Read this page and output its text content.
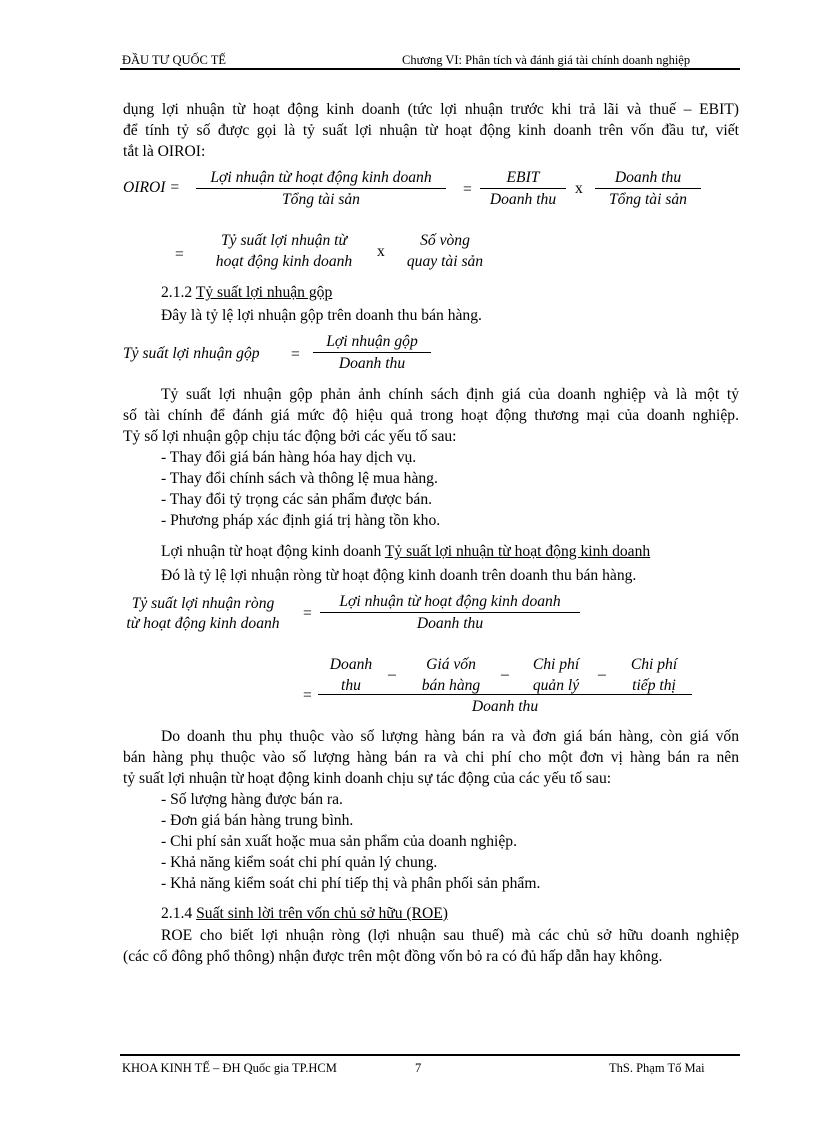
ĐẦU TƯ QUỐC TẾ	Chương VI: Phân tích và đánh giá tài chính doanh nghiệp
dụng lợi nhuận từ hoạt động kinh doanh (tức lợi nhuận trước khi trả lãi và thuế – EBIT)
để tính tỷ số được gọi là tỷ suất lợi nhuận từ hoạt động kinh doanh trên vốn đầu tư, viết
tắt là OIROI:
OIROI =
Lợi nhuận từ hoạt động kinh doanh
Tổng tài sản
=
EBIT
Doanh thu
x
Doanh thu
Tổng tài sản
=
Tỷ suất lợi nhuận từ
hoạt động kinh doanh
x
Số vòng
quay tài sản
2.1.2 Tỷ suất lợi nhuận gộp
Đây là tỷ lệ lợi nhuận gộp trên doanh thu bán hàng.
Tỷ suất lợi nhuận gộp =
Lợi nhuận gộp
Doanh thu
Tỷ suất lợi nhuận gộp phản ảnh chính sách định giá của doanh nghiệp và là một tỷ
số tài chính để đánh giá mức độ hiệu quả trong hoạt động thương mại của doanh nghiệp.
Tỷ số lợi nhuận gộp chịu tác động bởi các yếu tố sau:
- Thay đổi giá bán hàng hóa hay dịch vụ.
- Thay đổi chính sách và thông lệ mua hàng.
- Thay đổi tỷ trọng các sản phẩm được bán.
- Phương pháp xác định giá trị hàng tồn kho.
Lợi nhuận từ hoạt động kinh doanh Tỷ suất lợi nhuận từ hoạt động kinh doanh
Đó là tỷ lệ lợi nhuận ròng từ hoạt động kinh doanh trên doanh thu bán hàng.
Tỷ suất lợi nhuận ròng
từ hoạt động kinh doanh
=
Lợi nhuận từ hoạt động kinh doanh
Doanh thu
Doanh
thu
–
Giá vốn
bán hàng
–
Chi phí
quản lý
–
Chi phí
tiếp thị
=
Doanh thu
Do doanh thu phụ thuộc vào số lượng hàng bán ra và đơn giá bán hàng, còn giá vốn
bán hàng phụ thuộc vào số lượng hàng bán ra và chi phí cho một đơn vị hàng bán ra nên
tỷ suất lợi nhuận từ hoạt động kinh doanh chịu sự tác động của các yếu tố sau:
- Số lượng hàng được bán ra.
- Đơn giá bán hàng trung bình.
- Chi phí sản xuất hoặc mua sản phẩm của doanh nghiệp.
- Khả năng kiểm soát chi phí quản lý chung.
- Khả năng kiểm soát chi phí tiếp thị và phân phối sản phẩm.
2.1.4 Suất sinh lời trên vốn chủ sở hữu (ROE)
ROE cho biết lợi nhuận ròng (lợi nhuận sau thuế) mà các chủ sở hữu doanh nghiệp
(các cổ đông phổ thông) nhận được trên một đồng vốn bỏ ra có đủ hấp dẫn hay không.
KHOA KINH TẾ – ĐH Quốc gia TP.HCM	7	ThS. Phạm Tố Mai
